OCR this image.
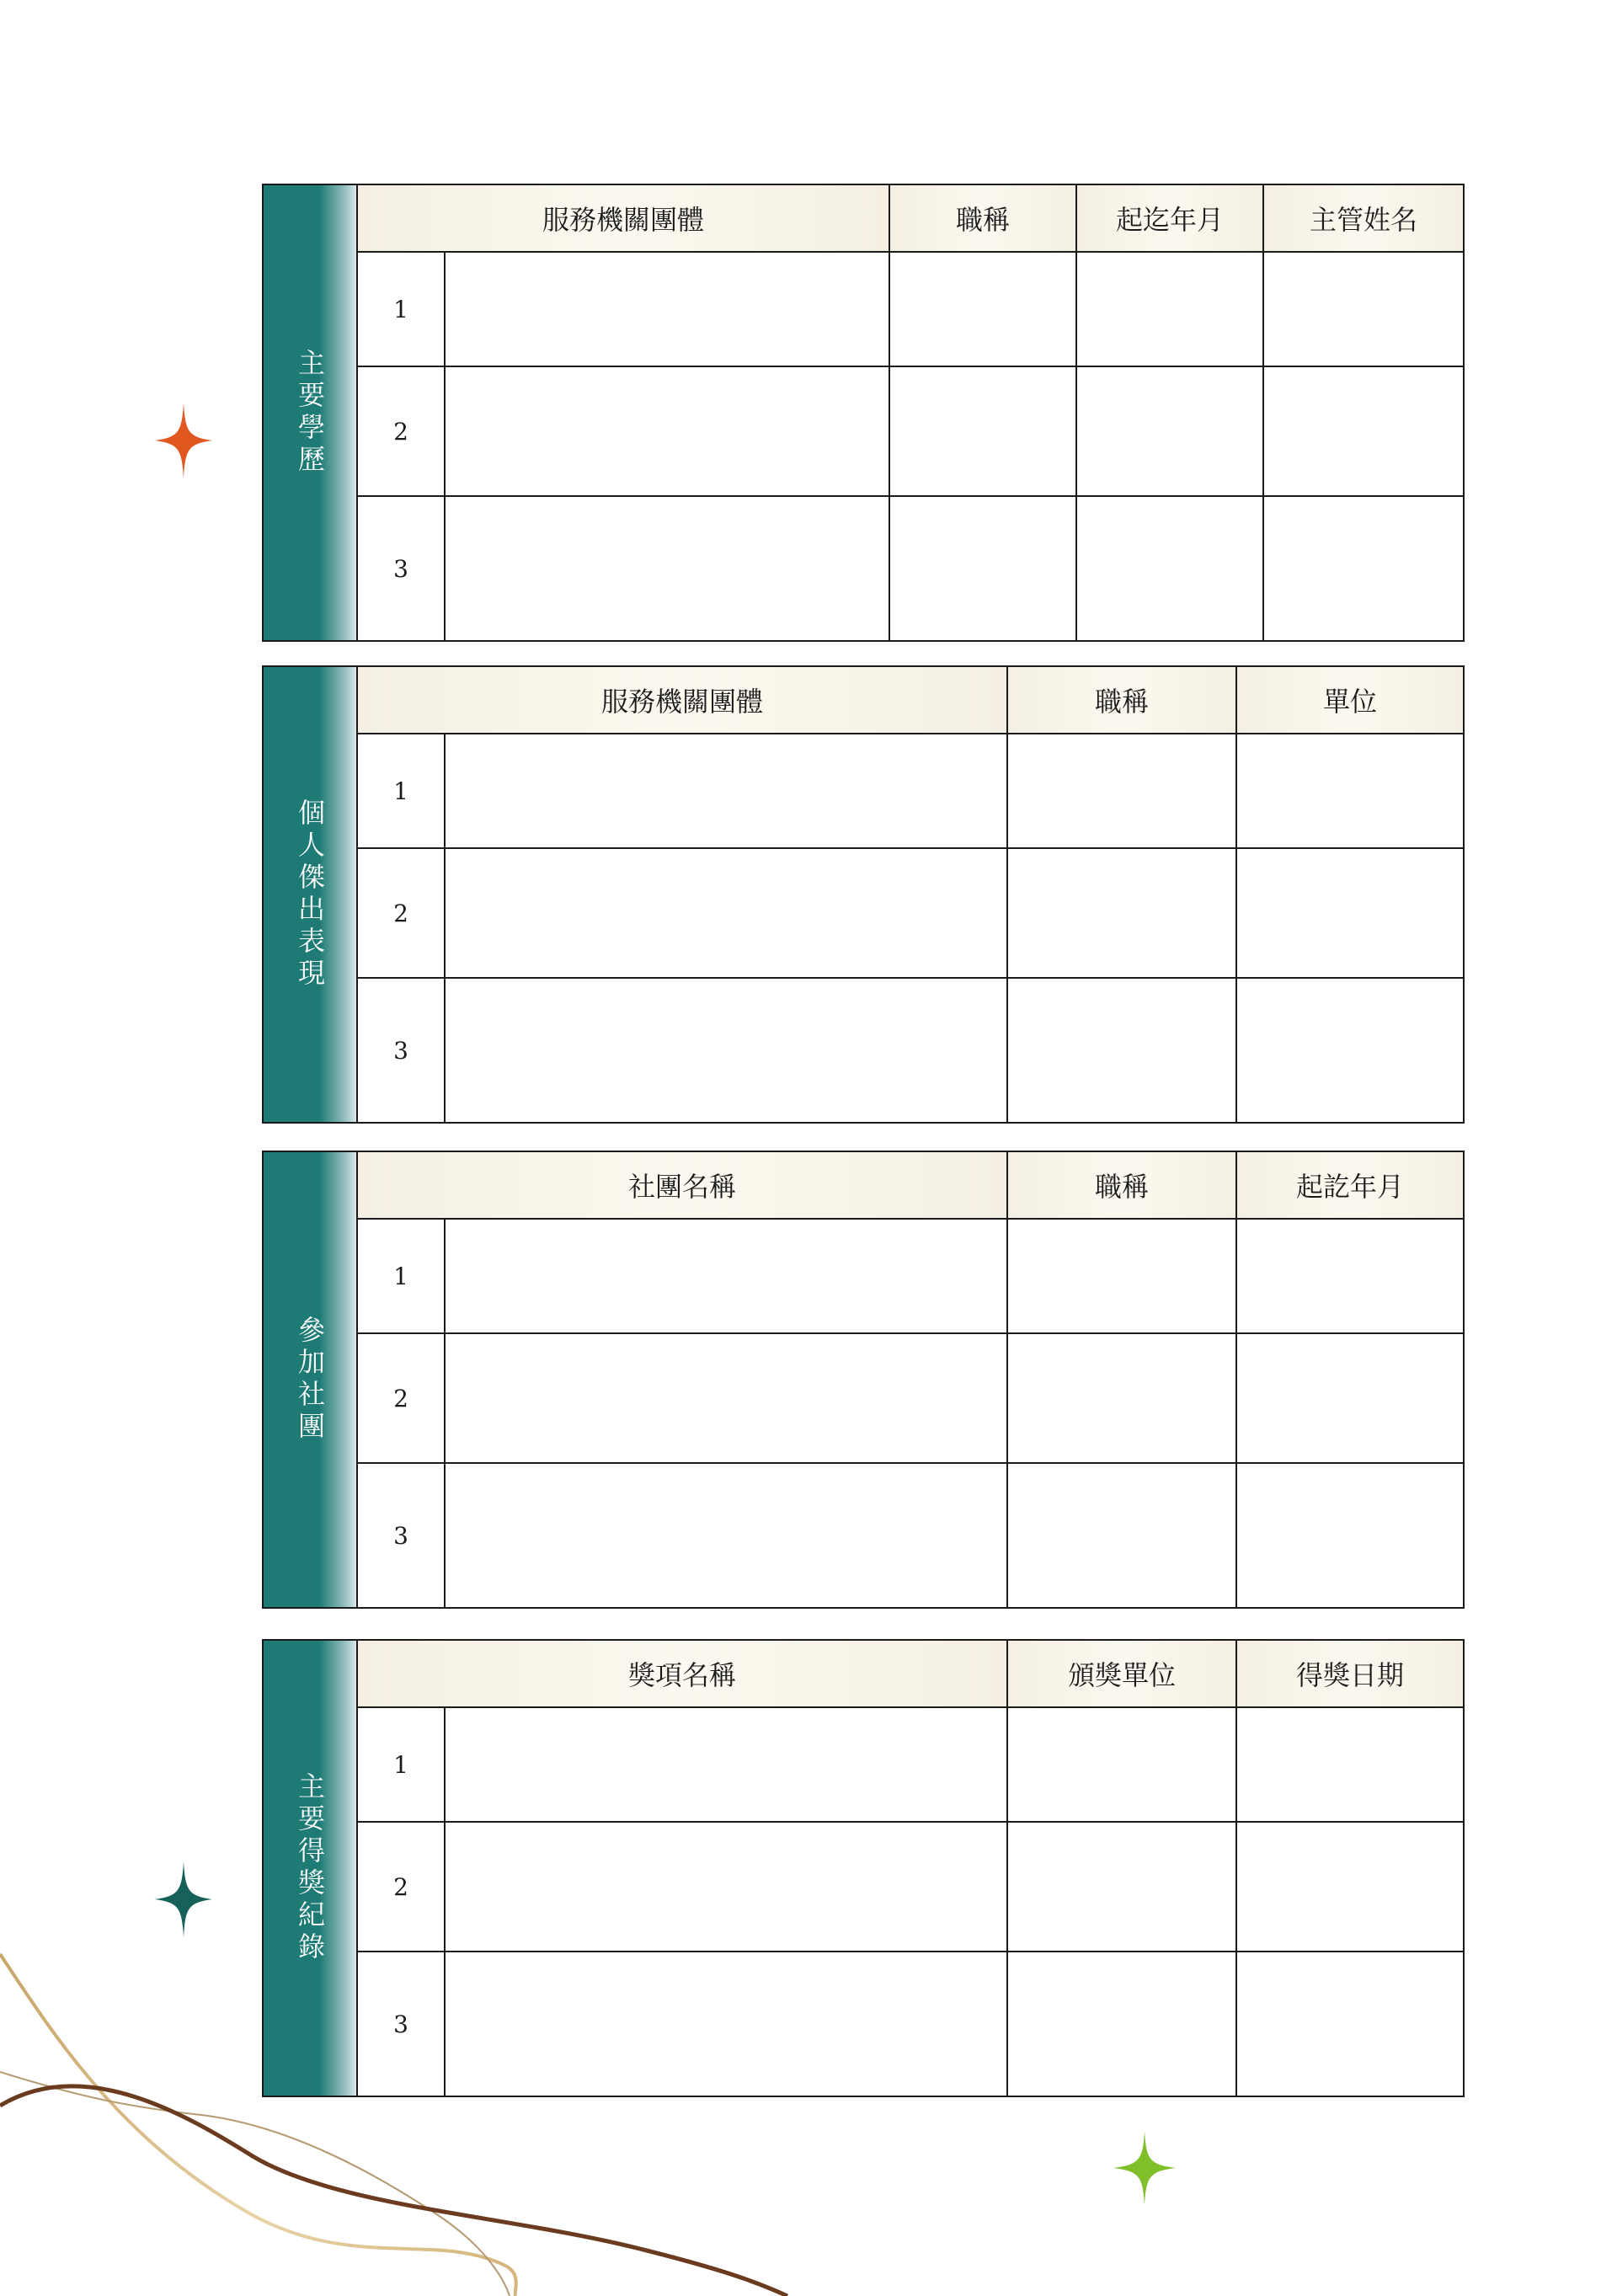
主要學歷
服務機關團體	職稱	起迄年月	主管姓名
1
2
3
個人傑出表現
服務機關團體	職稱	單位
1
2
3
參加社團
社團名稱	職稱	起訖年月
1
2
3
主要得獎紀錄
獎項名稱	頒獎單位	得獎日期
1
2
3
